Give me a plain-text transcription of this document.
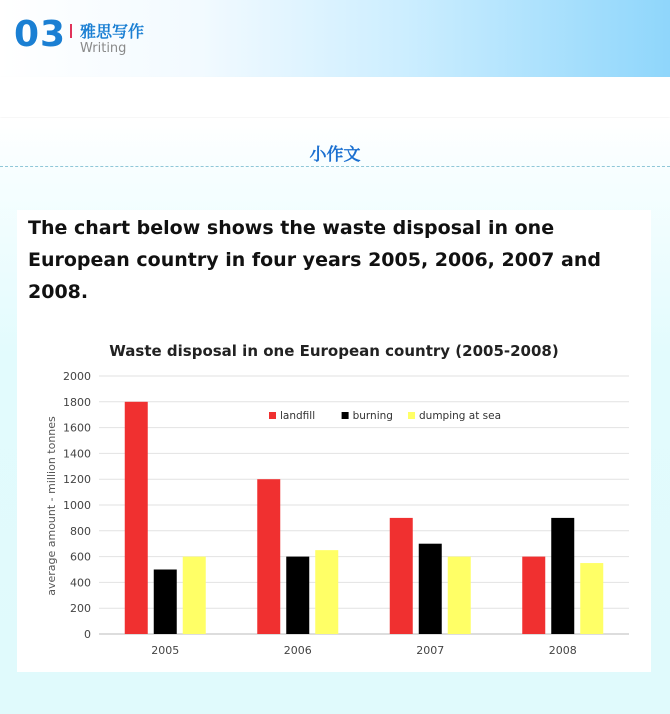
03 雅思写作
Writing
小作文
The chart below shows the waste disposal in one European country in four years 2005, 2006, 2007 and 2008.
Waste disposal in one European country (2005-2008)
average amount - million tonnes
0
200
400
600
800
1000
1200
1400
1600
1800
2000
2005	2006	2007	2008
landfill	burning dumping at sea
